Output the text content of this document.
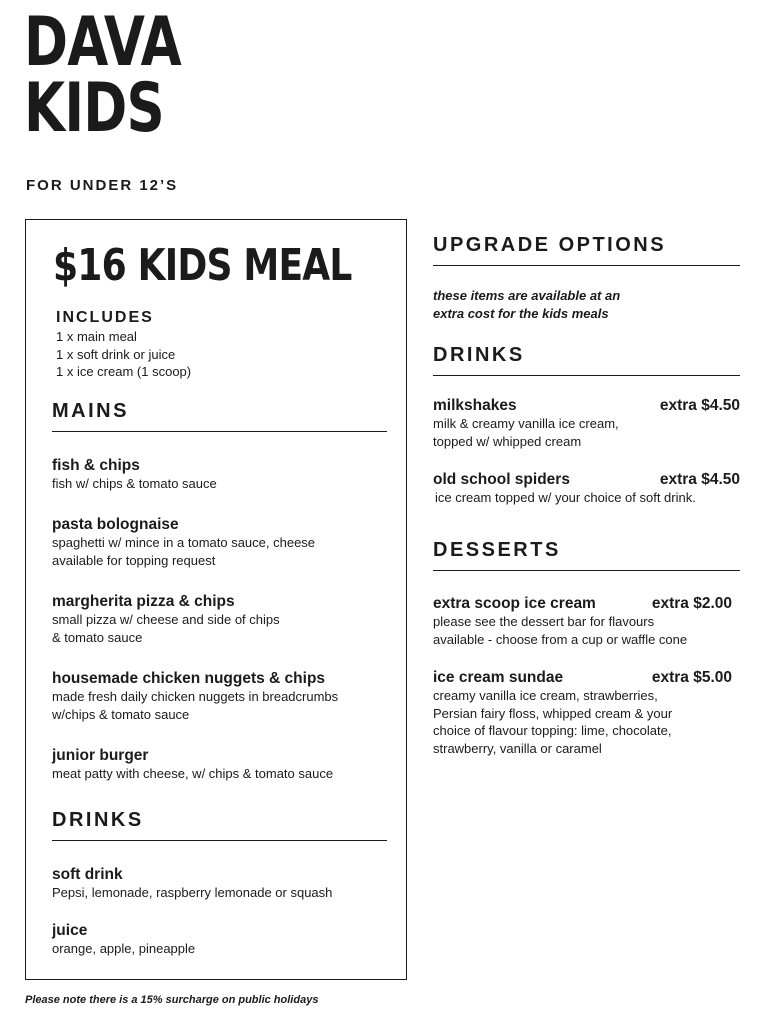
DAVA
KIDS

FOR UNDER 12’S

$16 KIDS MEAL
INCLUDES
1 x main meal
1 x soft drink or juice
1 x ice cream (1 scoop)
MAINS
fish & chips
fish w/ chips & tomato sauce
pasta bolognaise
spaghetti w/ mince in a tomato sauce, cheese
available for topping request
margherita pizza & chips
small pizza w/ cheese and side of chips
& tomato sauce
housemade chicken nuggets & chips
made fresh daily chicken nuggets in breadcrumbs
w/chips & tomato sauce
junior burger
meat patty with cheese, w/ chips & tomato sauce
DRINKS
soft drink
Pepsi, lemonade, raspberry lemonade or squash
juice
orange, apple, pineapple
UPGRADE OPTIONS
these items are available at an
extra cost for the kids meals
DRINKS
milkshakes	extra $4.50
milk & creamy vanilla ice cream,
topped w/ whipped cream
old school spiders	extra $4.50
ice cream topped w/ your choice of soft drink.
DESSERTS
extra scoop ice cream	extra $2.00
please see the dessert bar for flavours
available - choose from a cup or waffle cone
ice cream sundae	extra $5.00
creamy vanilla ice cream, strawberries,
Persian fairy floss, whipped cream & your
choice of flavour topping: lime, chocolate,
strawberry, vanilla or caramel

Please note there is a 15% surcharge on public holidays
